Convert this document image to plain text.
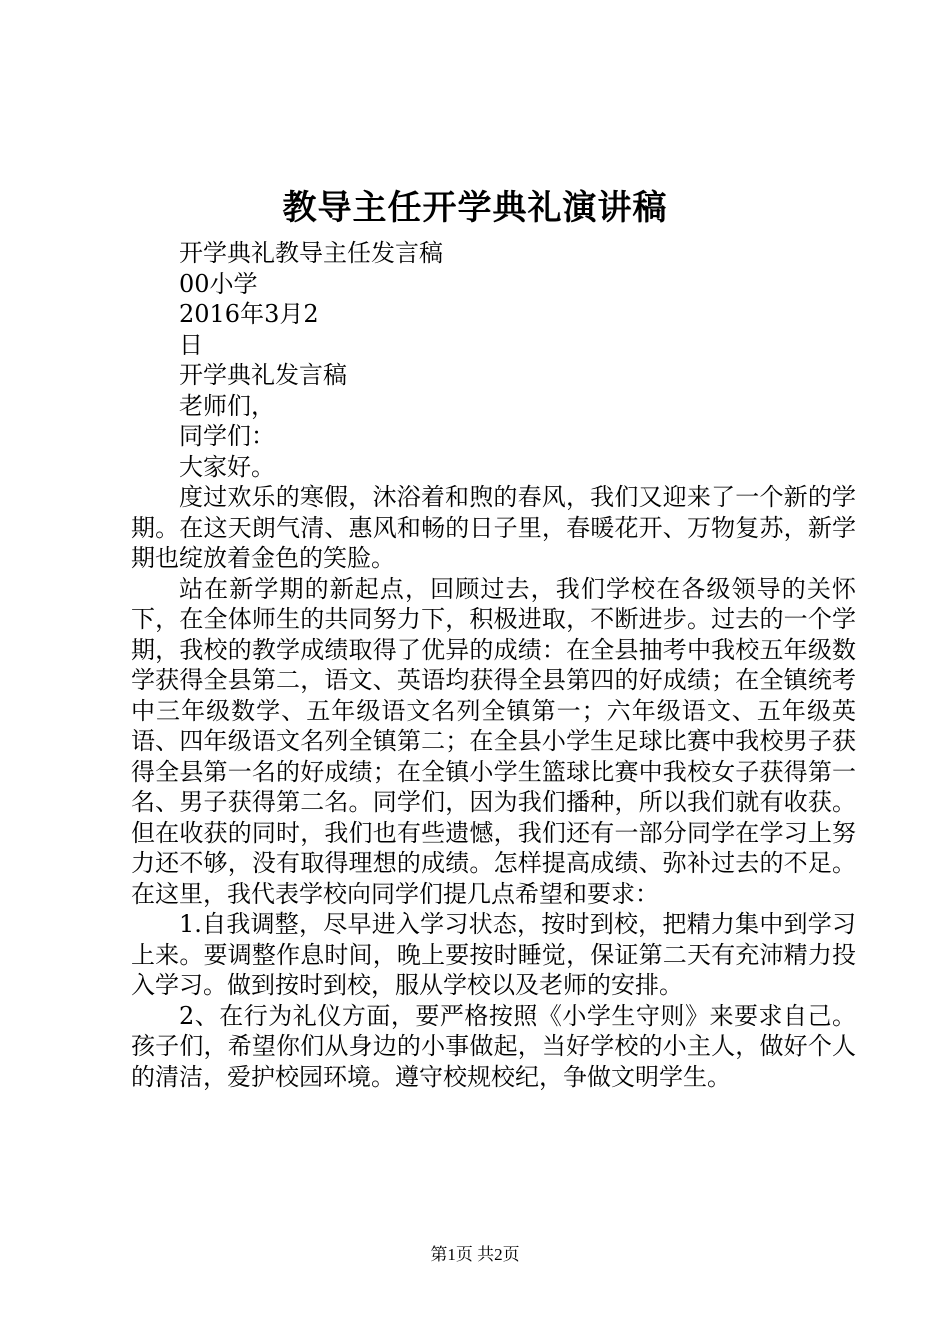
教导主任开学典礼演讲稿
开学典礼教导主任发言稿
00小学
2016年3月2
日
开学典礼发言稿
老师们，
同学们：
大家好。
度过欢乐的寒假，沐浴着和煦的春风，我们又迎来了一个新的学期。在这天朗气清、惠风和畅的日子里，春暖花开、万物复苏，新学期也绽放着金色的笑脸。
站在新学期的新起点，回顾过去，我们学校在各级领导的关怀下，在全体师生的共同努力下，积极进取，不断进步。过去的一个学期，我校的教学成绩取得了优异的成绩：在全县抽考中我校五年级数学获得全县第二，语文、英语均获得全县第四的好成绩；在全镇统考中三年级数学、五年级语文名列全镇第一；六年级语文、五年级英语、四年级语文名列全镇第二；在全县小学生足球比赛中我校男子获得全县第一名的好成绩；在全镇小学生篮球比赛中我校女子获得第一名、男子获得第二名。同学们，因为我们播种，所以我们就有收获。但在收获的同时，我们也有些遗憾，我们还有一部分同学在学习上努力还不够，没有取得理想的成绩。怎样提高成绩、弥补过去的不足。在这里，我代表学校向同学们提几点希望和要求：
1.自我调整，尽早进入学习状态，按时到校，把精力集中到学习上来。要调整作息时间，晚上要按时睡觉，保证第二天有充沛精力投入学习。做到按时到校，服从学校以及老师的安排。
2、在行为礼仪方面，要严格按照《小学生守则》来要求自己。孩子们，希望你们从身边的小事做起，当好学校的小主人，做好个人的清洁，爱护校园环境。遵守校规校纪，争做文明学生。
第1页 共2页
